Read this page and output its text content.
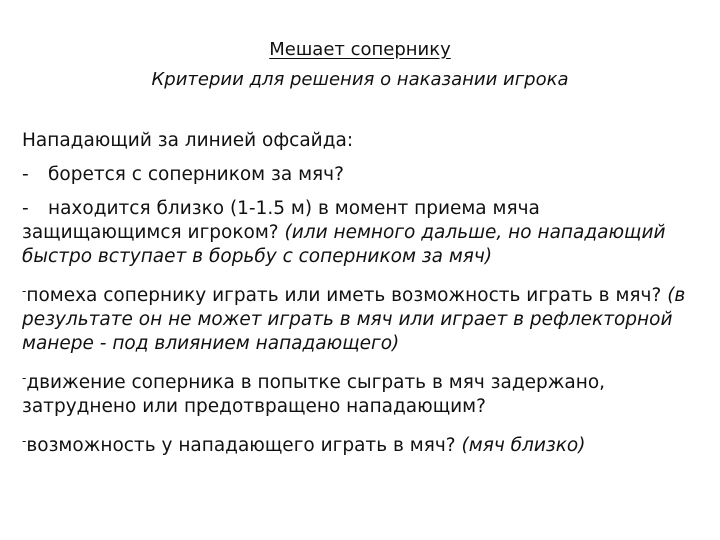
Мешает сопернику
Критерии для решения о наказании игрока

Нападающий за линией офсайда:

-	борется с соперником за мяч?
- находится близко (1-1.5 м) в момент приема мяча защищающимся игроком? (или немного дальше, но нападающий быстро вступает в борьбу с соперником за мяч)
-помеха сопернику играть или иметь возможность играть в мяч? (в результате он не может играть в мяч или играет в рефлекторной манере - под влиянием нападающего)
-движение соперника в попытке сыграть в мяч задержано, затруднено или предотвращено нападающим?
-возможность у нападающего играть в мяч? (мяч близко)
